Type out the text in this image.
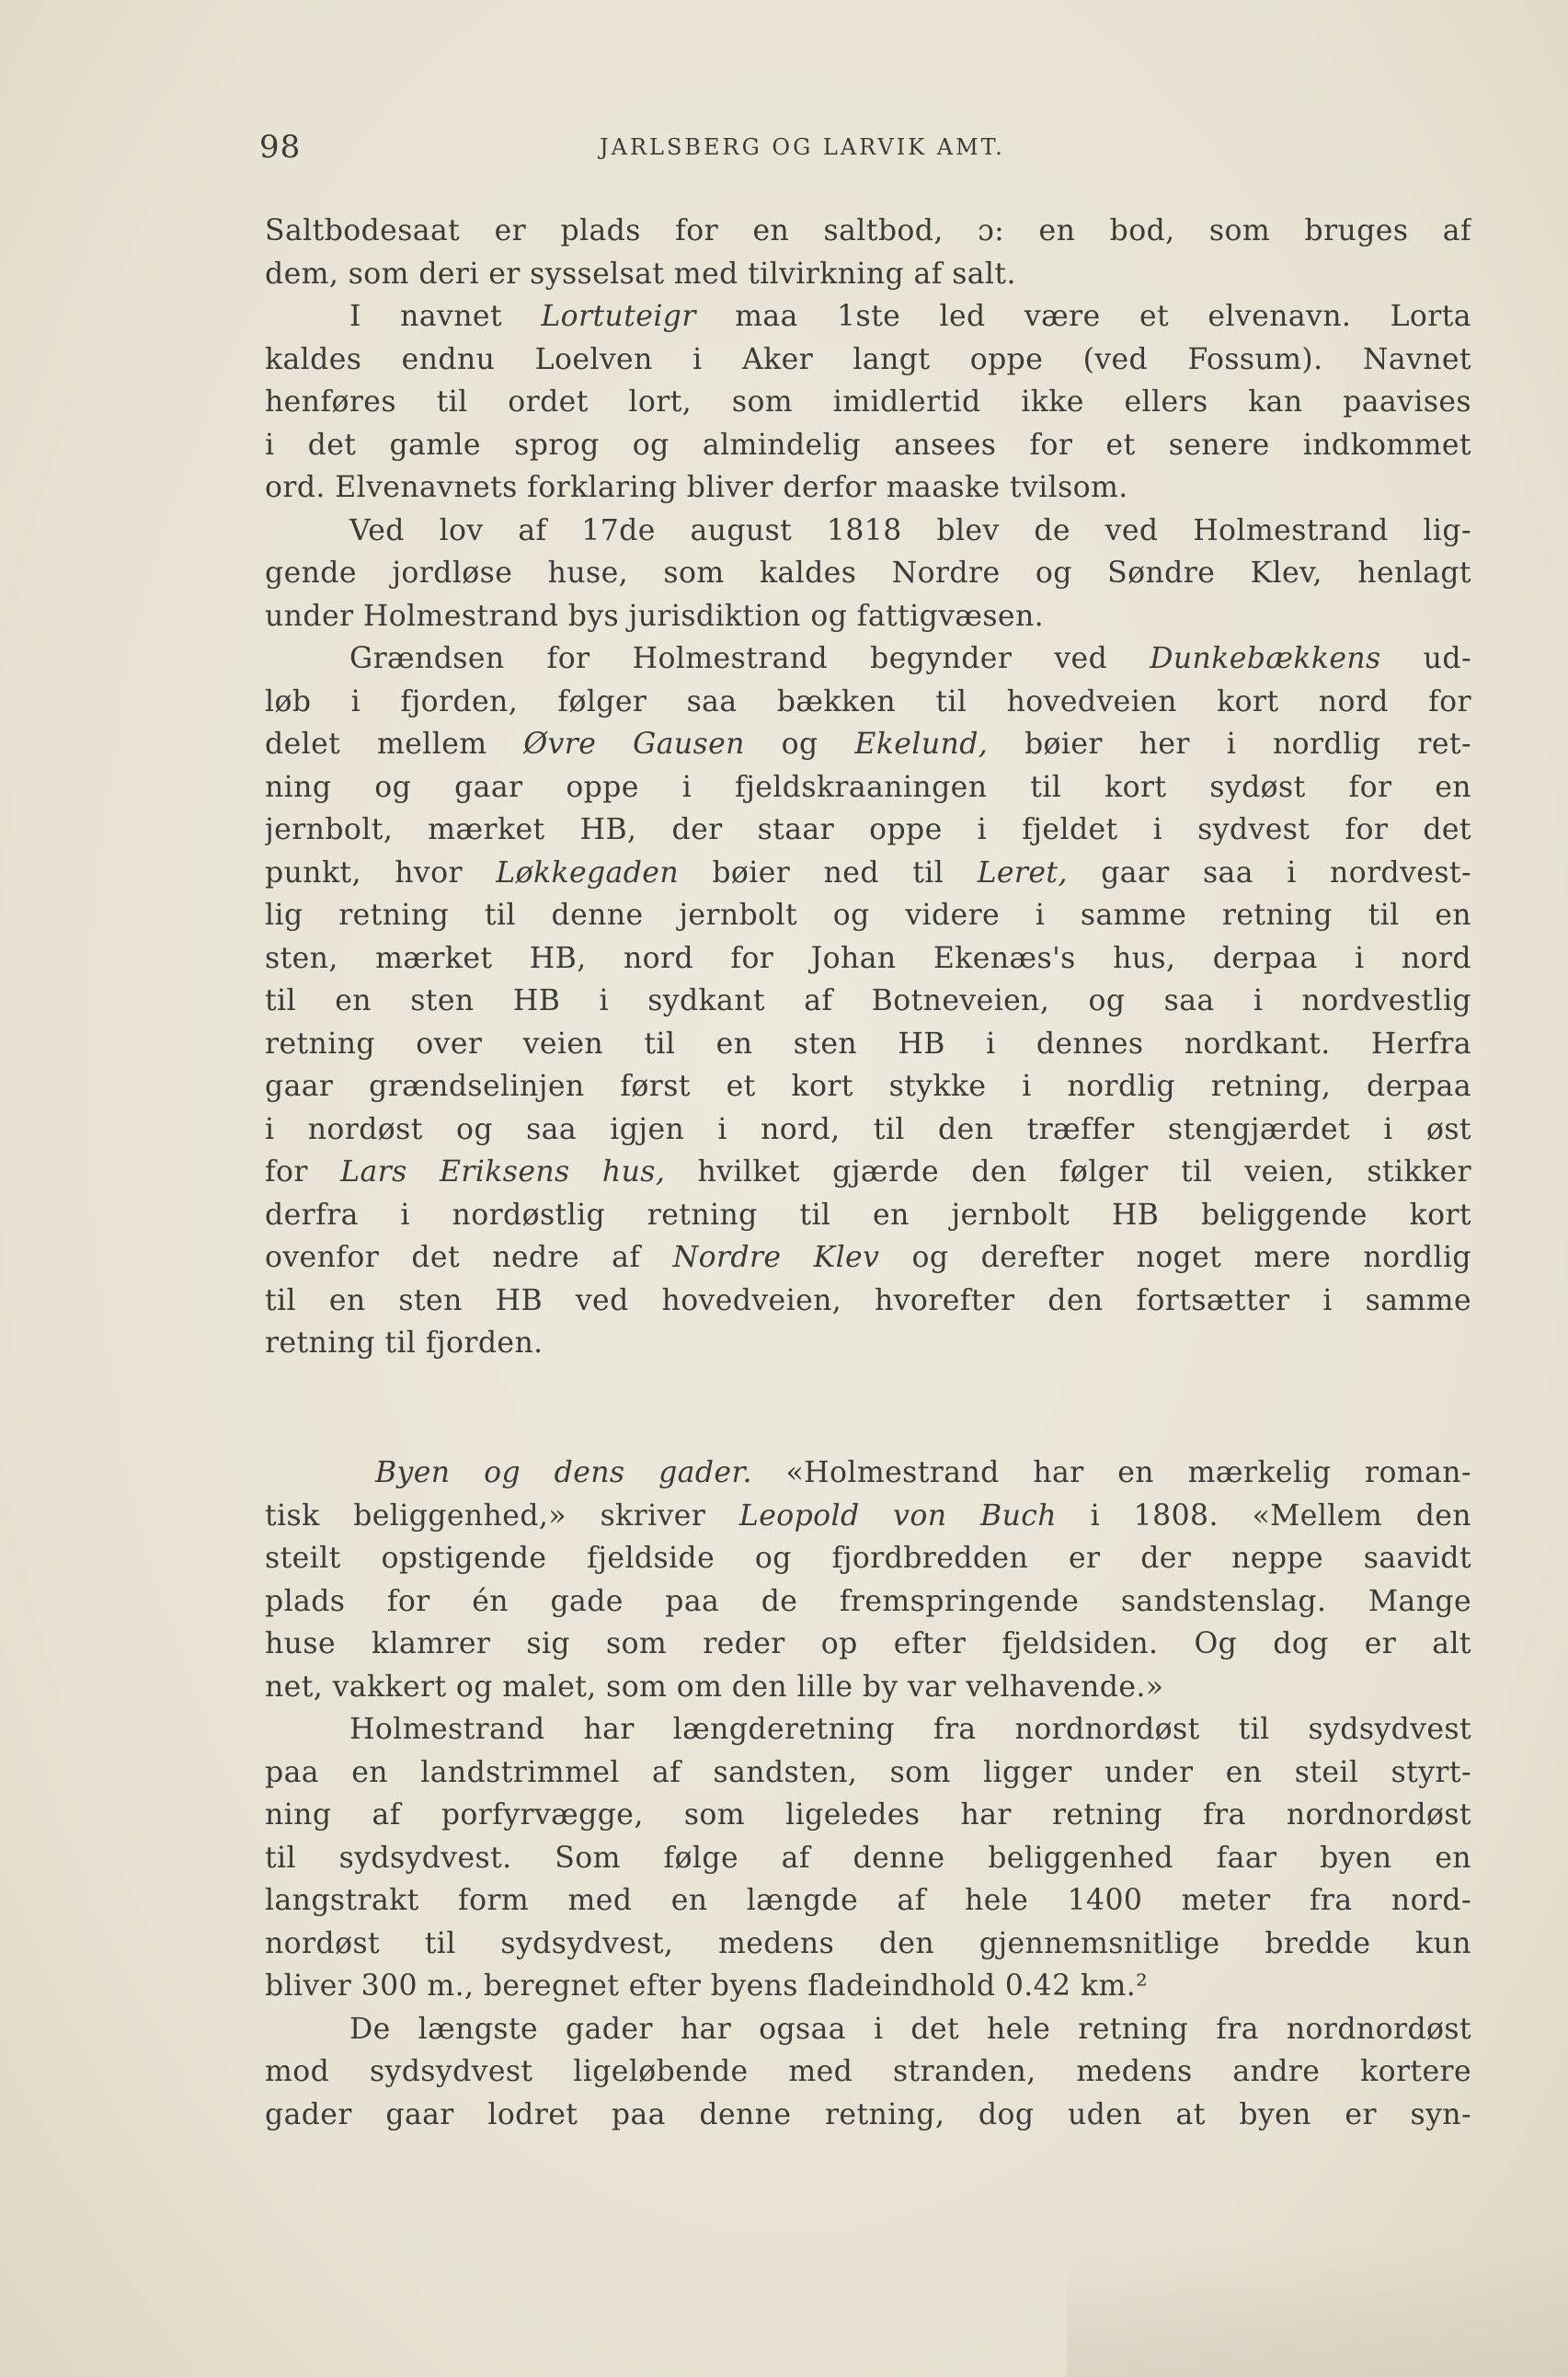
98	JARLSBERG OG LARVIK AMT.
Saltbodesaat er plads for en saltbod, ɔ: en bod, som bruges af
dem, som deri er sysselsat med tilvirkning af salt.
I navnet Lortuteigr maa 1ste led være et elvenavn. Lorta
kaldes endnu Loelven i Aker langt oppe (ved Fossum). Navnet
henføres til ordet lort, som imidlertid ikke ellers kan paavises
i det gamle sprog og almindelig ansees for et senere indkommet
ord. Elvenavnets forklaring bliver derfor maaske tvilsom.
Ved lov af 17de august 1818 blev de ved Holmestrand lig-
gende jordløse huse, som kaldes Nordre og Søndre Klev, henlagt
under Holmestrand bys jurisdiktion og fattigvæsen.
Grændsen for Holmestrand begynder ved Dunkebækkens ud-
løb i fjorden, følger saa bækken til hovedveien kort nord for
delet mellem Øvre Gausen og Ekelund, bøier her i nordlig ret-
ning og gaar oppe i fjeldskraaningen til kort sydøst for en
jernbolt, mærket HB, der staar oppe i fjeldet i sydvest for det
punkt, hvor Løkkegaden bøier ned til Leret, gaar saa i nordvest-
lig retning til denne jernbolt og videre i samme retning til en
sten, mærket HB, nord for Johan Ekenæs's hus, derpaa i nord
til en sten HB i sydkant af Botneveien, og saa i nordvestlig
retning over veien til en sten HB i dennes nordkant. Herfra
gaar grændselinjen først et kort stykke i nordlig retning, derpaa
i nordøst og saa igjen i nord, til den træffer stengjærdet i øst
for Lars Eriksens hus, hvilket gjærde den følger til veien, stikker
derfra i nordøstlig retning til en jernbolt HB beliggende kort
ovenfor det nedre af Nordre Klev og derefter noget mere nordlig
til en sten HB ved hovedveien, hvorefter den fortsætter i samme
retning til fjorden.
Byen og dens gader. «Holmestrand har en mærkelig roman-
tisk beliggenhed,» skriver Leopold von Buch i 1808. «Mellem den
steilt opstigende fjeldside og fjordbredden er der neppe saavidt
plads for én gade paa de fremspringende sandstenslag. Mange
huse klamrer sig som reder op efter fjeldsiden. Og dog er alt
net, vakkert og malet, som om den lille by var velhavende.»
Holmestrand har længderetning fra nordnordøst til sydsydvest
paa en landstrimmel af sandsten, som ligger under en steil styrt-
ning af porfyrvægge, som ligeledes har retning fra nordnordøst
til sydsydvest. Som følge af denne beliggenhed faar byen en
langstrakt form med en længde af hele 1400 meter fra nord-
nordøst til sydsydvest, medens den gjennemsnitlige bredde kun
bliver 300 m., beregnet efter byens fladeindhold 0.42 km.²
De længste gader har ogsaa i det hele retning fra nordnordøst
mod sydsydvest ligeløbende med stranden, medens andre kortere
gader gaar lodret paa denne retning, dog uden at byen er syn-
